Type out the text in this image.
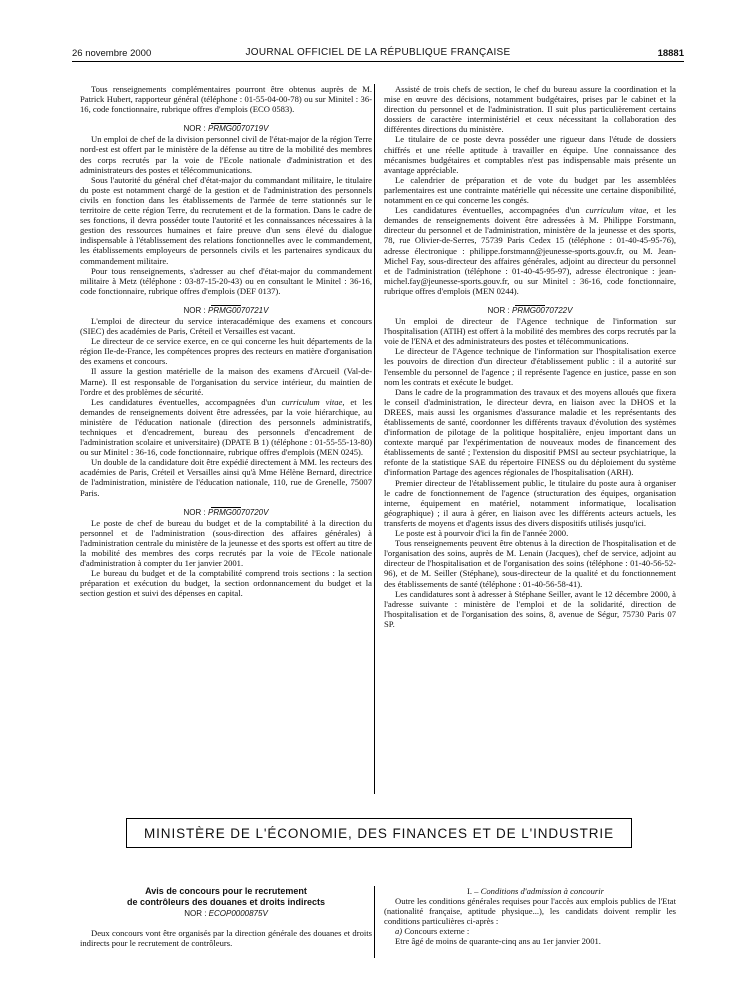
26 novembre 2000	JOURNAL OFFICIEL DE LA RÉPUBLIQUE FRANÇAISE	18881

Tous renseignements complémentaires pourront être obtenus auprès de M. Patrick Hubert, rapporteur général (téléphone : 01-55-04-00-78) ou sur Minitel : 36-16, code fonctionnaire, rubrique offres d'emplois (ECO 0583).

NOR : PRMG0070719V

Un emploi de chef de la division personnel civil de l'état-major de la région Terre nord-est est offert par le ministère de la défense au titre de la mobilité des membres des corps recrutés par la voie de l'Ecole nationale d'administration et des administrateurs des postes et télécommunications.

Sous l'autorité du général chef d'état-major du commandant militaire, le titulaire du poste est notamment chargé de la gestion et de l'administration des personnels civils en fonction dans les établissements de l'armée de terre stationnés sur le territoire de cette région Terre, du recrutement et de la formation. Dans le cadre de ses fonctions, il devra posséder toute l'autorité et les connaissances nécessaires à la gestion des ressources humaines et faire preuve d'un sens élevé du dialogue indispensable à l'établissement des relations fonctionnelles avec le commandement, les établissements employeurs de personnels civils et les partenaires syndicaux du commandement militaire.

Pour tous renseignements, s'adresser au chef d'état-major du commandement militaire à Metz (téléphone : 03-87-15-20-43) ou en consultant le Minitel : 36-16, code fonctionnaire, rubrique offres d'emplois (DEF 0137).

NOR : PRMG0070721V

L'emploi de directeur du service interacadémique des examens et concours (SIEC) des académies de Paris, Créteil et Versailles est vacant.

Le directeur de ce service exerce, en ce qui concerne les huit départements de la région Ile-de-France, les compétences propres des recteurs en matière d'organisation des examens et concours.

Il assure la gestion matérielle de la maison des examens d'Arcueil (Val-de-Marne). Il est responsable de l'organisation du service intérieur, du maintien de l'ordre et des problèmes de sécurité.

Les candidatures éventuelles, accompagnées d'un curriculum vitae, et les demandes de renseignements doivent être adressées, par la voie hiérarchique, au ministère de l'éducation nationale (direction des personnels administratifs, techniques et d'encadrement, bureau des personnels d'encadrement de l'administration scolaire et universitaire) (DPATE B 1) (téléphone : 01-55-55-13-80) ou sur Minitel : 36-16, code fonctionnaire, rubrique offres d'emplois (MEN 0245).

Un double de la candidature doit être expédié directement à MM. les recteurs des académies de Paris, Créteil et Versailles ainsi qu'à Mme Hélène Bernard, directrice de l'administration, ministère de l'éducation nationale, 110, rue de Grenelle, 75007 Paris.

NOR : PRMG0070720V

Le poste de chef de bureau du budget et de la comptabilité à la direction du personnel et de l'administration (sous-direction des affaires générales) à l'administration centrale du ministère de la jeunesse et des sports est offert au titre de la mobilité des membres des corps recrutés par la voie de l'Ecole nationale d'administration à compter du 1er janvier 2001.

Le bureau du budget et de la comptabilité comprend trois sections : la section préparation et exécution du budget, la section ordonnancement du budget et la section gestion et suivi des dépenses en capital.

Assisté de trois chefs de section, le chef du bureau assure la coordination et la mise en œuvre des décisions, notamment budgétaires, prises par le cabinet et la direction du personnel et de l'administration. Il suit plus particulièrement certains dossiers de caractère interministériel et ceux nécessitant la collaboration des différentes directions du ministère.

Le titulaire de ce poste devra posséder une rigueur dans l'étude de dossiers chiffrés et une réelle aptitude à travailler en équipe. Une connaissance des mécanismes budgétaires et comptables n'est pas indispensable mais présente un avantage appréciable.

Le calendrier de préparation et de vote du budget par les assemblées parlementaires est une contrainte matérielle qui nécessite une certaine disponibilité, notamment en ce qui concerne les congés.

Les candidatures éventuelles, accompagnées d'un curriculum vitae, et les demandes de renseignements doivent être adressées à M. Philippe Forstmann, directeur du personnel et de l'administration, ministère de la jeunesse et des sports, 78, rue Olivier-de-Serres, 75739 Paris Cedex 15 (téléphone : 01-40-45-95-76), adresse électronique : philippe.forstmann@jeunesse-sports.gouv.fr, ou M. Jean-Michel Fay, sous-directeur des affaires générales, adjoint au directeur du personnel et de l'administration (téléphone : 01-40-45-95-97), adresse électronique : jean-michel.fay@jeunesse-sports.gouv.fr, ou sur Minitel : 36-16, code fonctionnaire, rubrique offres d'emplois (MEN 0244).

NOR : PRMG0070722V

Un emploi de directeur de l'Agence technique de l'information sur l'hospitalisation (ATIH) est offert à la mobilité des membres des corps recrutés par la voie de l'ENA et des administrateurs des postes et télécommunications.

Le directeur de l'Agence technique de l'information sur l'hospitalisation exerce les pouvoirs de direction d'un directeur d'établissement public : il a autorité sur l'ensemble du personnel de l'agence ; il représente l'agence en justice, passe en son nom les contrats et exécute le budget.

Dans le cadre de la programmation des travaux et des moyens alloués que fixera le conseil d'administration, le directeur devra, en liaison avec la DHOS et la DREES, mais aussi les organismes d'assurance maladie et les représentants des établissements de santé, coordonner les différents travaux d'évolution des systèmes d'information de pilotage de la politique hospitalière, enjeu important dans un contexte marqué par l'expérimentation de nouveaux modes de financement des établissements de santé ; l'extension du dispositif PMSI au secteur psychiatrique, la refonte de la statistique SAE du répertoire FINESS ou du déploiement du système d'information Partage des agences régionales de l'hospitalisation (ARH).

Premier directeur de l'établissement public, le titulaire du poste aura à organiser le cadre de fonctionnement de l'agence (structuration des équipes, organisation interne, équipement en matériel, notamment informatique, localisation géographique) ; il aura à gérer, en liaison avec les différents acteurs actuels, les transferts de moyens et d'agents issus des divers dispositifs utilisés jusqu'ici.

Le poste est à pourvoir d'ici la fin de l'année 2000.

Tous renseignements peuvent être obtenus à la direction de l'hospitalisation et de l'organisation des soins, auprès de M. Lenain (Jacques), chef de service, adjoint au directeur de l'hospitalisation et de l'organisation des soins (téléphone : 01-40-56-52-96), et de M. Seiller (Stéphane), sous-directeur de la qualité et du fonctionnement des établissements de santé (téléphone : 01-40-56-58-41).

Les candidatures sont à adresser à Stéphane Seiller, avant le 12 décembre 2000, à l'adresse suivante : ministère de l'emploi et de la solidarité, direction de l'hospitalisation et de l'organisation des soins, 8, avenue de Ségur, 75730 Paris 07 SP.

MINISTÈRE DE L'ÉCONOMIE, DES FINANCES ET DE L'INDUSTRIE
Avis de concours pour le recrutement
de contrôleurs des douanes et droits indirects
NOR : ECOP0000875V

Deux concours vont être organisés par la direction générale des douanes et droits indirects pour le recrutement de contrôleurs.

I. – Conditions d'admission à concourir

Outre les conditions générales requises pour l'accès aux emplois publics de l'Etat (nationalité française, aptitude physique...), les candidats doivent remplir les conditions particulières ci-après :

a) Concours externe :

Etre âgé de moins de quarante-cinq ans au 1er janvier 2001.
